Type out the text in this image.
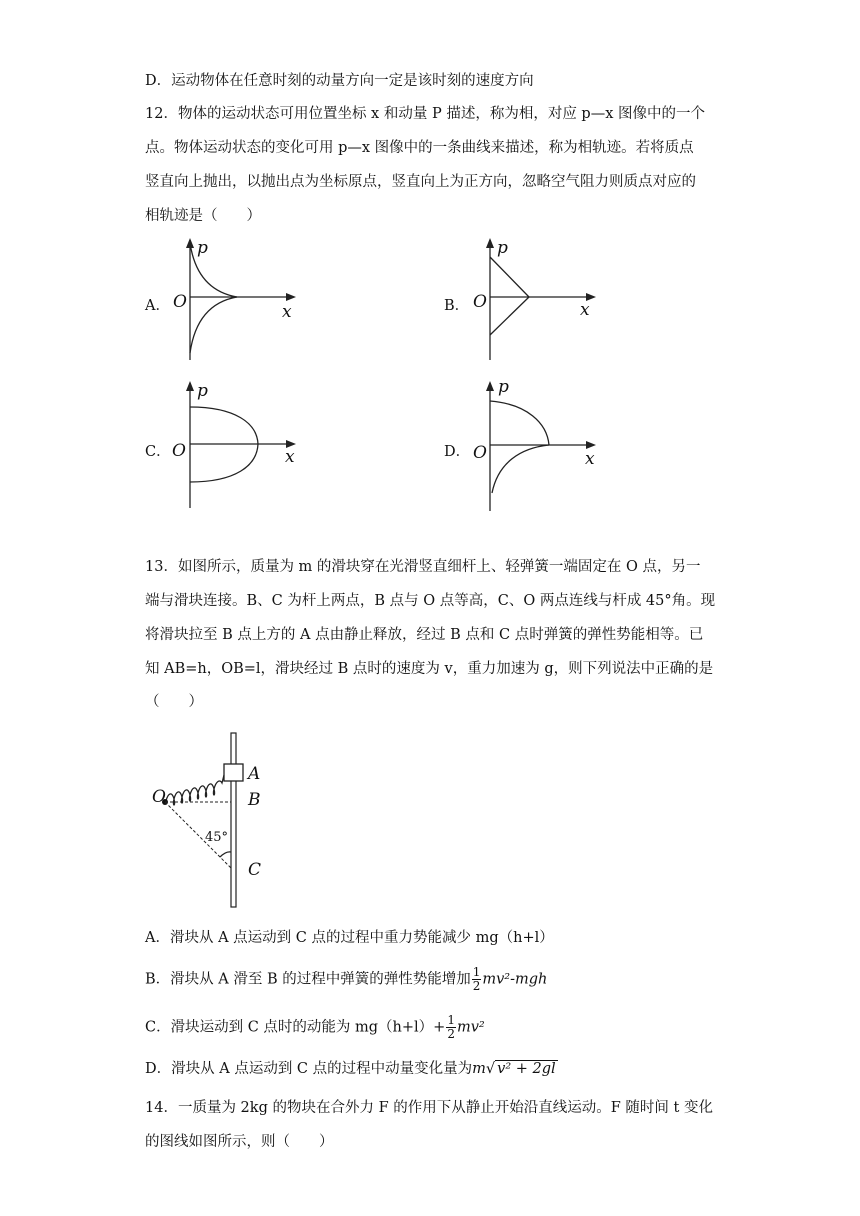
D．运动物体在任意时刻的动量方向一定是该时刻的速度方向
12．物体的运动状态可用位置坐标 x 和动量 P 描述，称为相，对应 p—x 图像中的一个
点。物体运动状态的变化可用 p—x 图像中的一条曲线来描述，称为相轨迹。若将质点
竖直向上抛出，以抛出点为坐标原点，竖直向上为正方向，忽略空气阻力则质点对应的
相轨迹是（　　）
A．
p
O	x	B．
p
O	x
C．
p
O	x	D．
p
O	x
13．如图所示，质量为 m 的滑块穿在光滑竖直细杆上、轻弹簧一端固定在 O 点，另一
端与滑块连接。B、C 为杆上两点，B 点与 O 点等高，C、O 两点连线与杆成 45°角。现
将滑块拉至 B 点上方的 A 点由静止释放，经过 B 点和 C 点时弹簧的弹性势能相等。已
知 AB=h，OB=l，滑块经过 B 点时的速度为 v，重力加速为 g，则下列说法中正确的是
（　　）
O
A
B
C
45°
A．滑块从 A 点运动到 C 点的过程中重力势能减少 mg（h+l）
B．滑块从 A 滑至 B 的过程中弹簧的弹性势能增加 $\frac{1}{2} mv^2-mgh$
C．滑块运动到 C 点时的动能为 $mg(h+l)+ \frac{1}{2} mv^2$
D．滑块从 A 点运动到 C 点的过程中动量变化量为m√ v² + 2gl
14．一质量为 2kg 的物块在合外力 F 的作用下从静止开始沿直线运动。F 随时间 t 变化
的图线如图所示，则（　　）
